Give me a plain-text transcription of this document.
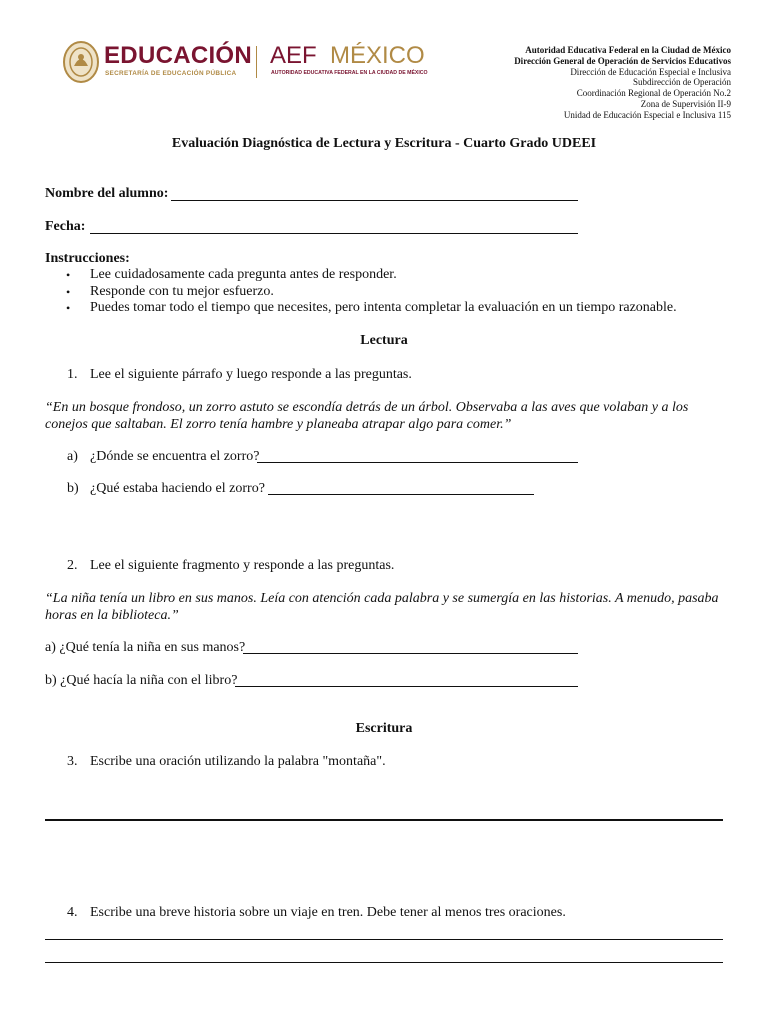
EDUCACIÓN
SECRETARÍA DE EDUCACIÓN PÚBLICA
AEF MÉXICO
AUTORIDAD EDUCATIVA FEDERAL EN LA CIUDAD DE MÉXICO
Autoridad Educativa Federal en la Ciudad de México
Dirección General de Operación de Servicios Educativos
Dirección de Educación Especial e Inclusiva
Subdirección de Operación
Coordinación Regional de Operación No.2
Zona de Supervisión II-9
Unidad de Educación Especial e Inclusiva 115
Evaluación Diagnóstica de Lectura y Escritura - Cuarto Grado UDEEI
Nombre del alumno:
Fecha:
Instrucciones:
• Lee cuidadosamente cada pregunta antes de responder.
• Responde con tu mejor esfuerzo.
• Puedes tomar todo el tiempo que necesites, pero intenta completar la evaluación en un tiempo razonable.
Lectura
1. Lee el siguiente párrafo y luego responde a las preguntas.
“En un bosque frondoso, un zorro astuto se escondía detrás de un árbol. Observaba a las aves que volaban y a los
conejos que saltaban. El zorro tenía hambre y planeaba atrapar algo para comer.”
a) ¿Dónde se encuentra el zorro?
b) ¿Qué estaba haciendo el zorro?
2. Lee el siguiente fragmento y responde a las preguntas.
“La niña tenía un libro en sus manos. Leía con atención cada palabra y se sumergía en las historias. A menudo, pasaba
horas en la biblioteca.”
a) ¿Qué tenía la niña en sus manos?
b) ¿Qué hacía la niña con el libro?
Escritura
3. Escribe una oración utilizando la palabra "montaña".
4. Escribe una breve historia sobre un viaje en tren. Debe tener al menos tres oraciones.
